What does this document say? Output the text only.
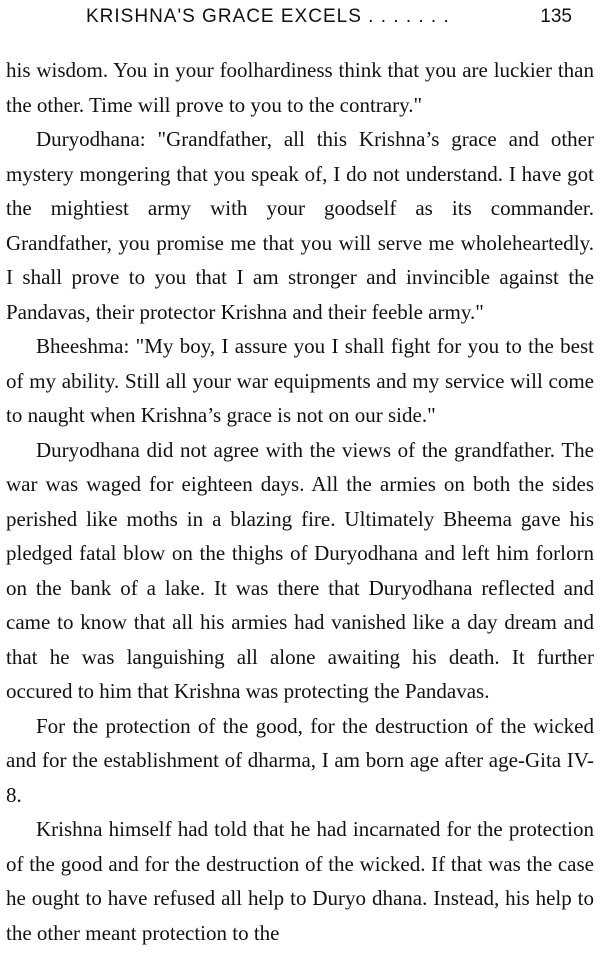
KRISHNA'S GRACE EXCELS . . . . . . .	135

his wisdom. You in your foolhardiness think that you are luckier than the other. Time will prove to you to the contrary."

Duryodhana: "Grandfather, all this Krishna’s grace and other mystery mongering that you speak of, I do not understand. I have got the mightiest army with your goodself as its commander. Grandfather, you promise me that you will serve me wholeheartedly. I shall prove to you that I am stronger and invincible against the Pandavas, their protector Krishna and their feeble army."

Bheeshma: "My boy, I assure you I shall fight for you to the best of my ability. Still all your war equipments and my service will come to naught when Krishna’s grace is not on our side."

Duryodhana did not agree with the views of the grandfather. The war was waged for eighteen days. All the armies on both the sides perished like moths in a blazing fire. Ultimately Bheema gave his pledged fatal blow on the thighs of Duryodhana and left him forlorn on the bank of a lake. It was there that Duryodhana reflected and came to know that all his armies had vanished like a day dream and that he was languishing all alone awaiting his death. It further occured to him that Krishna was protecting the Pandavas.

For the protection of the good, for the destruction of the wicked and for the establishment of dharma, I am born age after age-Gita IV-8.

Krishna himself had told that he had incarnated for the protection of the good and for the destruction of the wicked. If that was the case he ought to have refused all help to Duryo dhana. Instead, his help to the other meant protection to the
